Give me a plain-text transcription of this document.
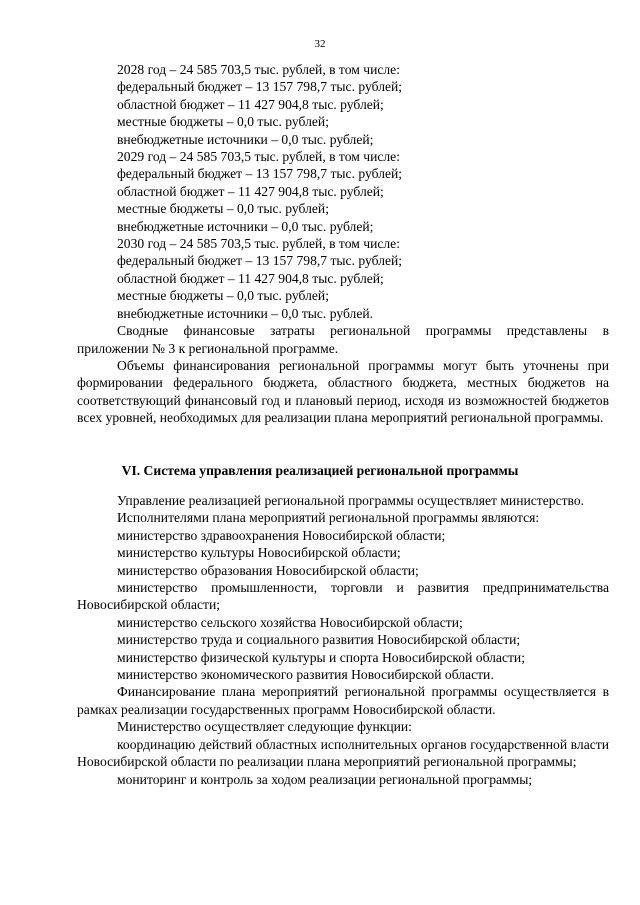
32
2028 год – 24 585 703,5 тыс. рублей, в том числе:
федеральный бюджет – 13 157 798,7 тыс. рублей;
областной бюджет – 11 427 904,8 тыс. рублей;
местные бюджеты – 0,0 тыс. рублей;
внебюджетные источники – 0,0 тыс. рублей;
2029 год – 24 585 703,5 тыс. рублей, в том числе:
федеральный бюджет – 13 157 798,7 тыс. рублей;
областной бюджет – 11 427 904,8 тыс. рублей;
местные бюджеты – 0,0 тыс. рублей;
внебюджетные источники – 0,0 тыс. рублей;
2030 год – 24 585 703,5 тыс. рублей, в том числе:
федеральный бюджет – 13 157 798,7 тыс. рублей;
областной бюджет – 11 427 904,8 тыс. рублей;
местные бюджеты – 0,0 тыс. рублей;
внебюджетные источники – 0,0 тыс. рублей.
Сводные финансовые затраты региональной программы представлены в приложении № 3 к региональной программе.
Объемы финансирования региональной программы могут быть уточнены при формировании федерального бюджета, областного бюджета, местных бюджетов на соответствующий финансовый год и плановый период, исходя из возможностей бюджетов всех уровней, необходимых для реализации плана мероприятий региональной программы.
VI. Система управления реализацией региональной программы
Управление реализацией региональной программы осуществляет министерство.
Исполнителями плана мероприятий региональной программы являются:
министерство здравоохранения Новосибирской области;
министерство культуры Новосибирской области;
министерство образования Новосибирской области;
министерство промышленности, торговли и развития предпринимательства Новосибирской области;
министерство сельского хозяйства Новосибирской области;
министерство труда и социального развития Новосибирской области;
министерство физической культуры и спорта Новосибирской области;
министерство экономического развития Новосибирской области.
Финансирование плана мероприятий региональной программы осуществляется в рамках реализации государственных программ Новосибирской области.
Министерство осуществляет следующие функции:
координацию действий областных исполнительных органов государственной власти Новосибирской области по реализации плана мероприятий региональной программы;
мониторинг и контроль за ходом реализации региональной программы;
